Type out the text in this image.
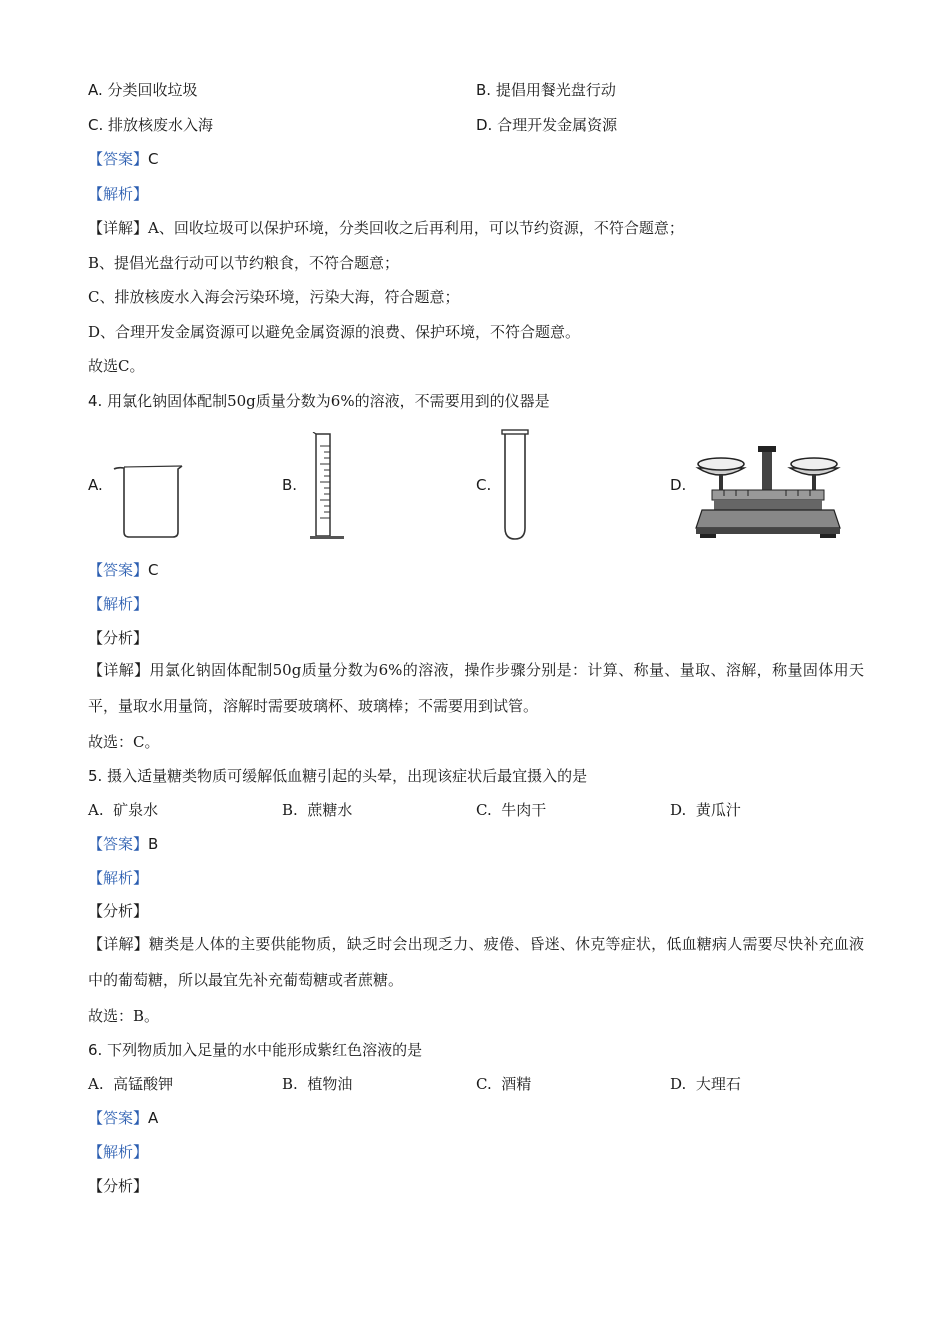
A. 分类回收垃圾	B. 提倡用餐光盘行动
C. 排放核废水入海	D. 合理开发金属资源
【答案】C
【解析】
【详解】A、回收垃圾可以保护环境，分类回收之后再利用，可以节约资源，不符合题意；
B、提倡光盘行动可以节约粮食，不符合题意；
C、排放核废水入海会污染环境，污染大海，符合题意；
D、合理开发金属资源可以避免金属资源的浪费、保护环境，不符合题意。
故选C。
4. 用氯化钠固体配制50g质量分数为6%的溶液，不需要用到的仪器是
A.	B.	C.	D.
【答案】C
【解析】
【分析】
【详解】用氯化钠固体配制50g质量分数为6%的溶液，操作步骤分别是：计算、称量、量取、溶解，称量固体用天平，量取水用量筒，溶解时需要玻璃杯、玻璃棒；不需要用到试管。
故选：C。
5. 摄入适量糖类物质可缓解低血糖引起的头晕，出现该症状后最宜摄入的是
A. 矿泉水	B. 蔗糖水	C. 牛肉干	D. 黄瓜汁
【答案】B
【解析】
【分析】
【详解】糖类是人体的主要供能物质，缺乏时会出现乏力、疲倦、昏迷、休克等症状，低血糖病人需要尽快补充血液中的葡萄糖，所以最宜先补充葡萄糖或者蔗糖。
故选：B。
6. 下列物质加入足量的水中能形成紫红色溶液的是
A. 高锰酸钾	B. 植物油	C. 酒精	D. 大理石
【答案】A
【解析】
【分析】
